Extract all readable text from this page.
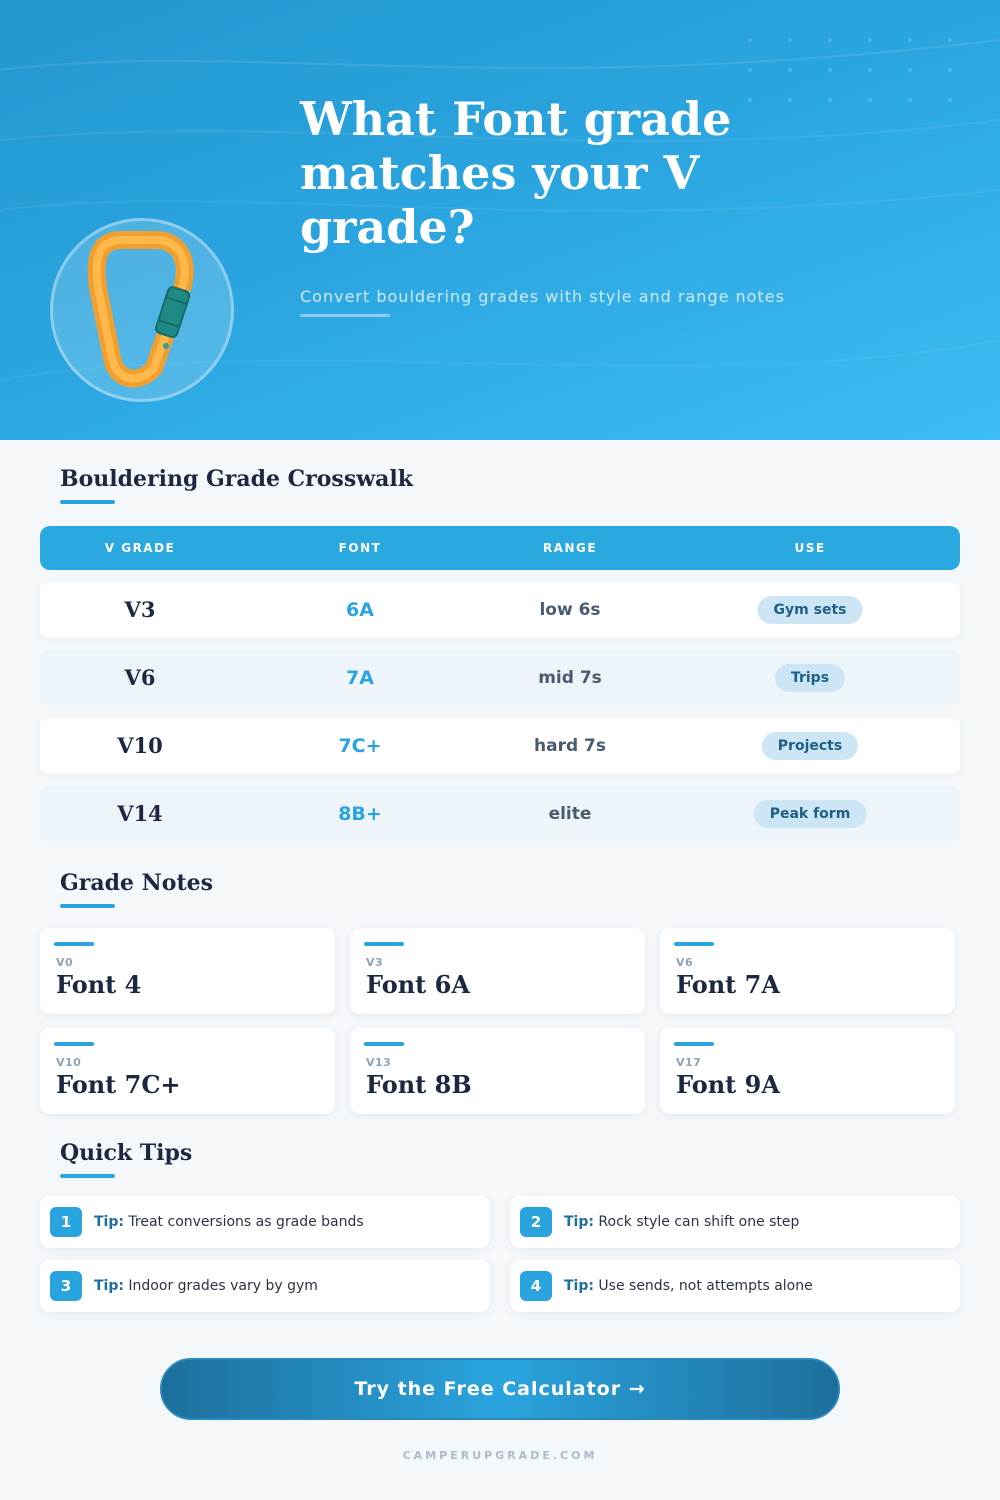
What Font grade matches your V grade?
Convert bouldering grades with style and range notes
Bouldering Grade Crosswalk
V GRADE	FONT	RANGE	USE
V3	6A	low 6s	Gym sets
V6	7A	mid 7s	Trips
V10	7C+	hard 7s	Projects
V14	8B+	elite	Peak form
Grade Notes
V0
Font 4
V3
Font 6A
V6
Font 7A
V10
Font 7C+
V13
Font 8B
V17
Font 9A
Quick Tips
1	Tip: Treat conversions as grade bands	2	Tip: Rock style can shift one step
3	Tip: Indoor grades vary by gym	4	Tip: Use sends, not attempts alone
Try the Free Calculator →
CAMPERUPGRADE.COM
